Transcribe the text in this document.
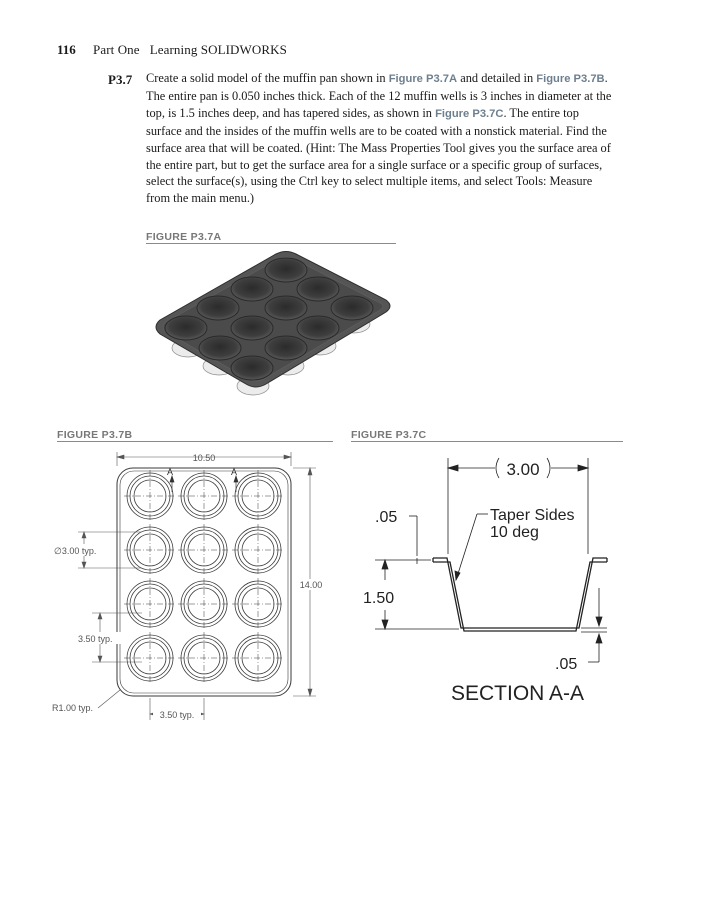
116 Part One   Learning SOLIDWORKS
P3.7 Create a solid model of the muffin pan shown in Figure P3.7A and detailed in Figure P3.7B. The entire pan is 0.050 inches thick. Each of the 12 muffin wells is 3 inches in diameter at the top, is 1.5 inches deep, and has tapered sides, as shown in Figure P3.7C. The entire top surface and the insides of the muffin wells are to be coated with a nonstick material. Find the surface area that will be coated. (Hint: The Mass Properties Tool gives you the surface area of the entire part, but to get the surface area for a single surface or a specific group of surfaces, select the surface(s), using the Ctrl key to select multiple items, and select Tools: Measure from the main menu.)
FIGURE P3.7A
FIGURE P3.7B	FIGURE P3.7C
10.50
A	A
14.00
∅3.00 typ.
3.50 typ.
R1.00 typ.
3.50 typ.
3.00
.05	Taper Sides
10 deg
1.50
.05
SECTION A-A
